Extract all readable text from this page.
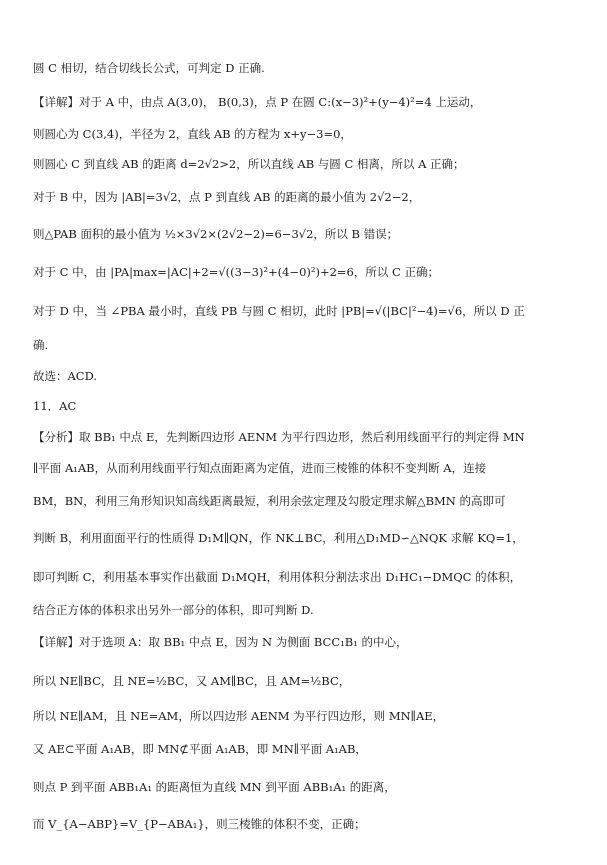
圆 C 相切，结合切线长公式，可判定 D 正确.
【详解】对于 A 中，由点 A(3,0)， B(0,3)，点 P 在圆 C:(x−3)²+(y−4)²=4 上运动，
则圆心为 C(3,4)，半径为 2，直线 AB 的方程为 x+y−3=0，
则圆心 C 到直线 AB 的距离 d=2√2>2，所以直线 AB 与圆 C 相离，所以 A 正确；
对于 B 中，因为 |AB|=3√2，点 P 到直线 AB 的距离的最小值为 2√2−2，
则△PAB 面积的最小值为 ½×3√2×(2√2−2)=6−3√2，所以 B 错误；
对于 C 中，由 |PA|max=|AC|+2=√((3−3)²+(4−0)²)+2=6，所以 C 正确；
对于 D 中，当 ∠PBA 最小时，直线 PB 与圆 C 相切，此时 |PB|=√(|BC|²−4)=√6，所以 D 正
确.
故选：ACD.
11．AC
【分析】取 BB₁ 中点 E，先判断四边形 AENM 为平行四边形，然后利用线面平行的判定得 MN
∥平面 A₁AB，从而利用线面平行知点面距离为定值，进而三棱锥的体积不变判断 A，连接
BM，BN，利用三角形知识知高线距离最短，利用余弦定理及勾股定理求解△BMN 的高即可
判断 B，利用面面平行的性质得 D₁M∥QN，作 NK⊥BC，利用△D₁MD∽△NQK 求解 KQ=1，
即可判断 C，利用基本事实作出截面 D₁MQH，利用体积分割法求出 D₁HC₁−DMQC 的体积，
结合正方体的体积求出另外一部分的体积，即可判断 D.
【详解】对于选项 A：取 BB₁ 中点 E，因为 N 为侧面 BCC₁B₁ 的中心，
所以 NE∥BC，且 NE=½BC，又 AM∥BC，且 AM=½BC，
所以 NE∥AM，且 NE=AM，所以四边形 AENM 为平行四边形，则 MN∥AE，
又 AE⊂平面 A₁AB，即 MN⊄平面 A₁AB，即 MN∥平面 A₁AB，
则点 P 到平面 ABB₁A₁ 的距离恒为直线 MN 到平面 ABB₁A₁ 的距离，
而 V_{A−ABP}=V_{P−ABA₁}，则三棱锥的体积不变，正确；
